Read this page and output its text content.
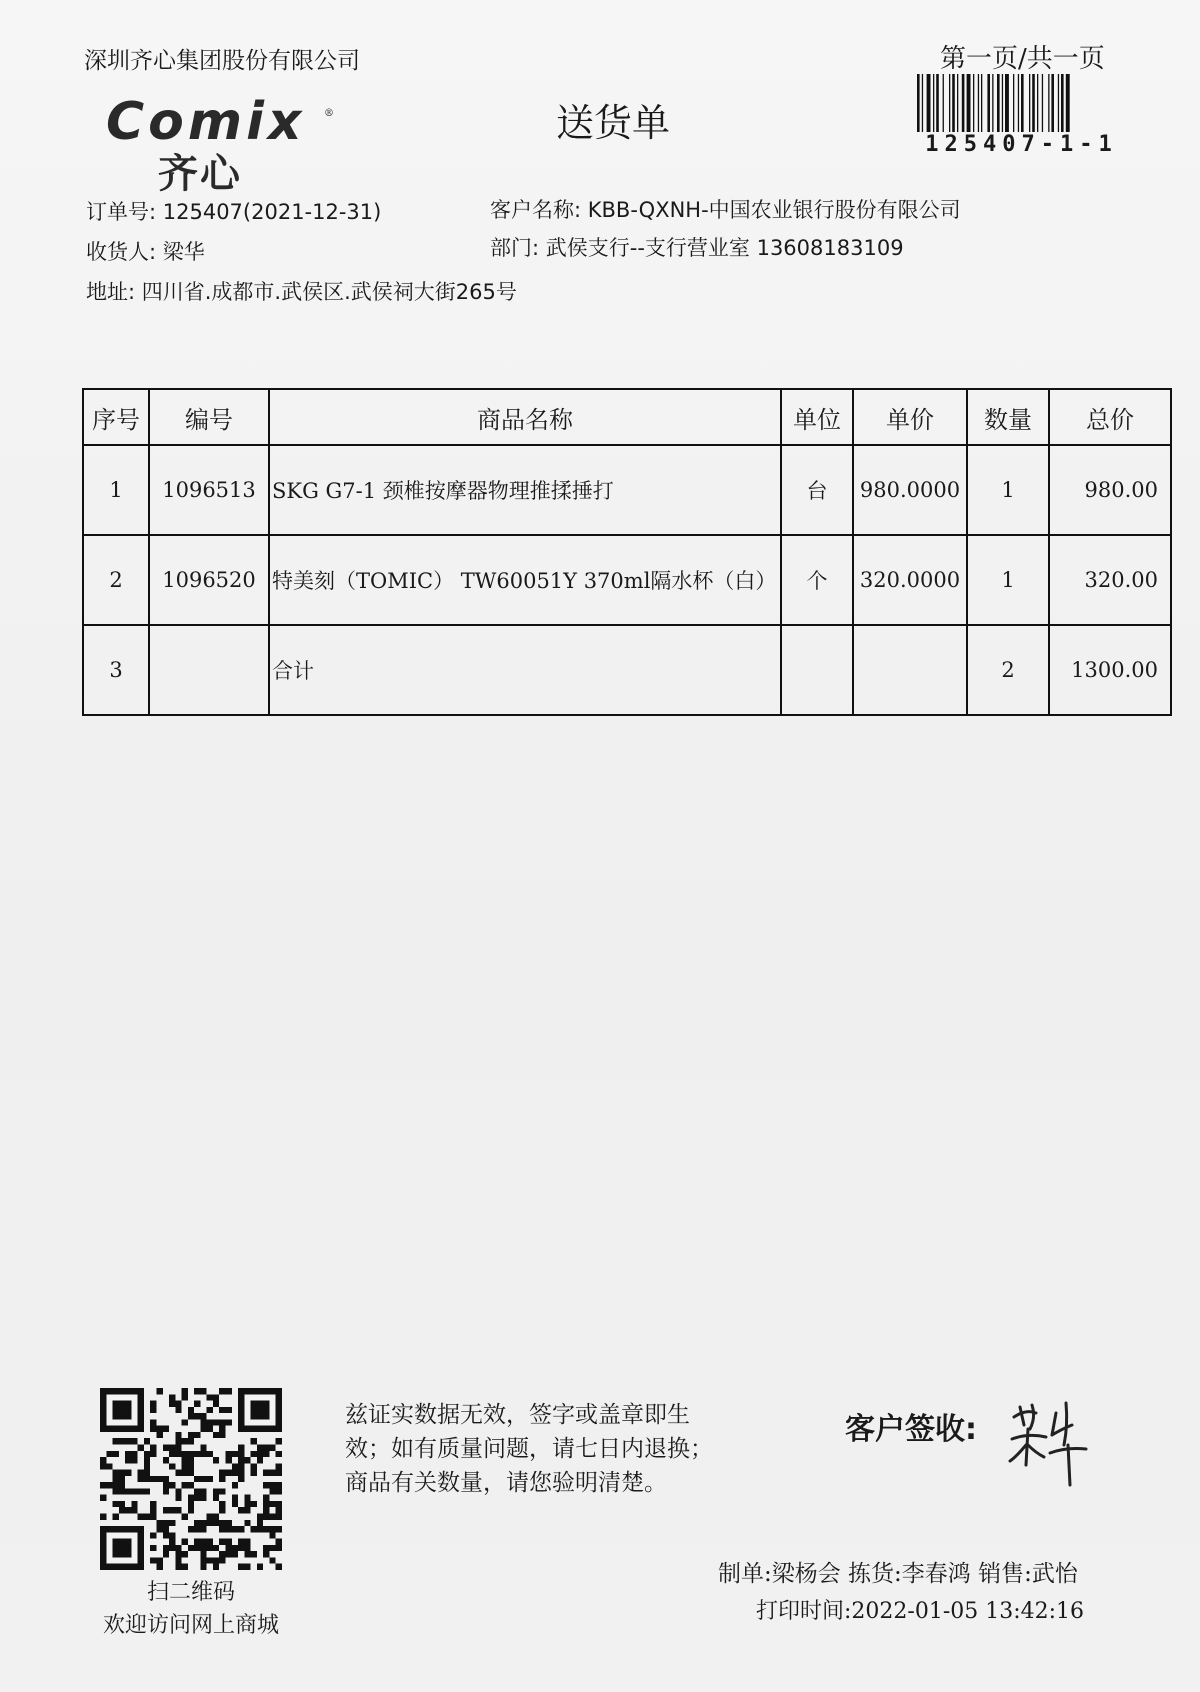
深圳齐心集团股份有限公司	第一页/共一页
125407-1-1
Comix ®
齐心
送货单
订单号: 125407(2021-12-31)	客户名称: KBB-QXNH-中国农业银行股份有限公司
收货人: 梁华	部门: 武侯支行--支行营业室 13608183109
地址: 四川省.成都市.武侯区.武侯祠大街265号
序号	编号	商品名称	单位	单价	数量	总价
1	1096513	SKG G7-1 颈椎按摩器物理推揉捶打	台	980.0000	1	980.00
2	1096520	特美刻（TOMIC） TW60051Y 370ml隔水杯（白）	个	320.0000	1	320.00
3		合计			2	1300.00
扫二维码
欢迎访问网上商城
兹证实数据无效，签字或盖章即生
效；如有质量问题，请七日内退换；
商品有关数量，请您验明清楚。
客户签收:
制单:梁杨会 拣货:李春鸿 销售:武怡
打印时间:2022-01-05 13:42:16
